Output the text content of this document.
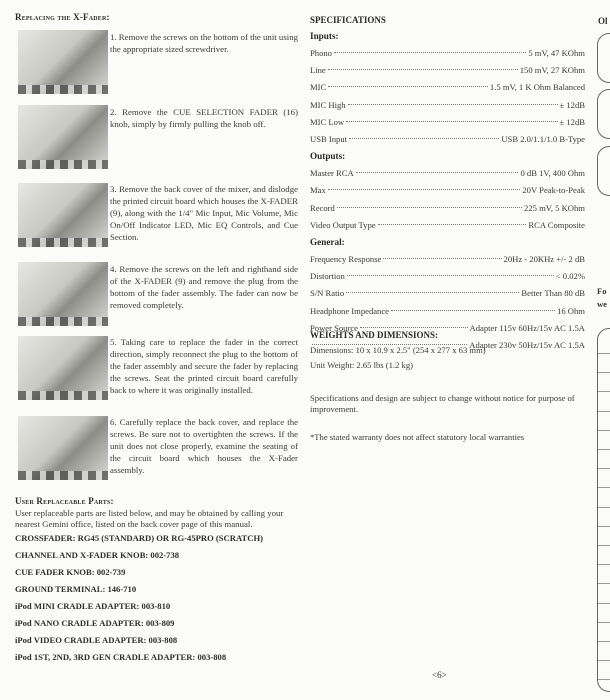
Replacing the X-Fader:
1. Remove the screws on the bottom of the unit using the appropriate sized screwdriver.
2. Remove the CUE SELECTION FADER (16) knob, simply by firmly pulling the knob off.
3. Remove the back cover of the mixer, and dislodge the printed circuit board which houses the X-FADER (9), along with the 1/4" Mic Input, Mic Volume, Mic On/Off Indicator LED, Mic EQ Controls, and Cue Section.
4. Remove the screws on the left and righthand side of the X-FADER (9) and remove the plug from the bottom of the fader assembly. The fader can now be removed completely.
5. Taking care to replace the fader in the correct direction, simply reconnect the plug to the bottom of the fader assembly and secure the fader by replacing the screws. Seat the printed circuit board carefully back to where it was originally installed.
6. Carefully replace the back cover, and replace the screws. Be sure not to overtighten the screws. If the unit does not close properly, examine the seating of the circuit board which houses the X-Fader assembly.
User Replaceable Parts:
User replaceable parts are listed below, and may be obtained by calling your nearest Gemini office, listed on the back cover page of this manual.
CROSSFADER: RG45 (STANDARD) OR RG-45PRO (SCRATCH)
CHANNEL AND X-FADER KNOB: 002-738
CUE FADER KNOB: 002-739
GROUND TERMINAL: 146-710
iPod MINI CRADLE ADAPTER: 003-810
iPod NANO CRADLE ADAPTER: 003-809
iPod VIDEO CRADLE ADAPTER: 003-808
iPod 1ST, 2ND, 3RD GEN CRADLE ADAPTER: 003-808
SPECIFICATIONS
Inputs:
Phono	5 mV, 47 KOhm
Line	150 mV, 27 KOhm
MIC	1.5 mV, 1 K Ohm Balanced
MIC High	± 12dB
MIC Low	± 12dB
USB Input	USB 2.0/1.1/1.0 B-Type
Outputs:
Master RCA	0 dB 1V, 400 Ohm
Max	20V Peak-to-Peak
Record	225 mV, 5 KOhm
Video Output Type	RCA Composite
General:
Frequency Response	20Hz - 20KHz +/- 2 dB
Distortion	< 0.02%
S/N Ratio	Better Than 80 dB
Headphone Impedance	16 Ohm
Power Source	Adapter 115v 60Hz/15v AC 1.5A
Adapter 230v 50Hz/15v AC 1.5A
WEIGHTS AND DIMENSIONS:
Dimensions: 10 x 10.9 x 2.5" (254 x 277 x 63 mm)
Unit Weight: 2.65 lbs (1.2 kg)
Specifications and design are subject to change without notice for purpose of improvement.
*The stated warranty does not affect statutory local warranties
Ol
Fo
we
<6>
